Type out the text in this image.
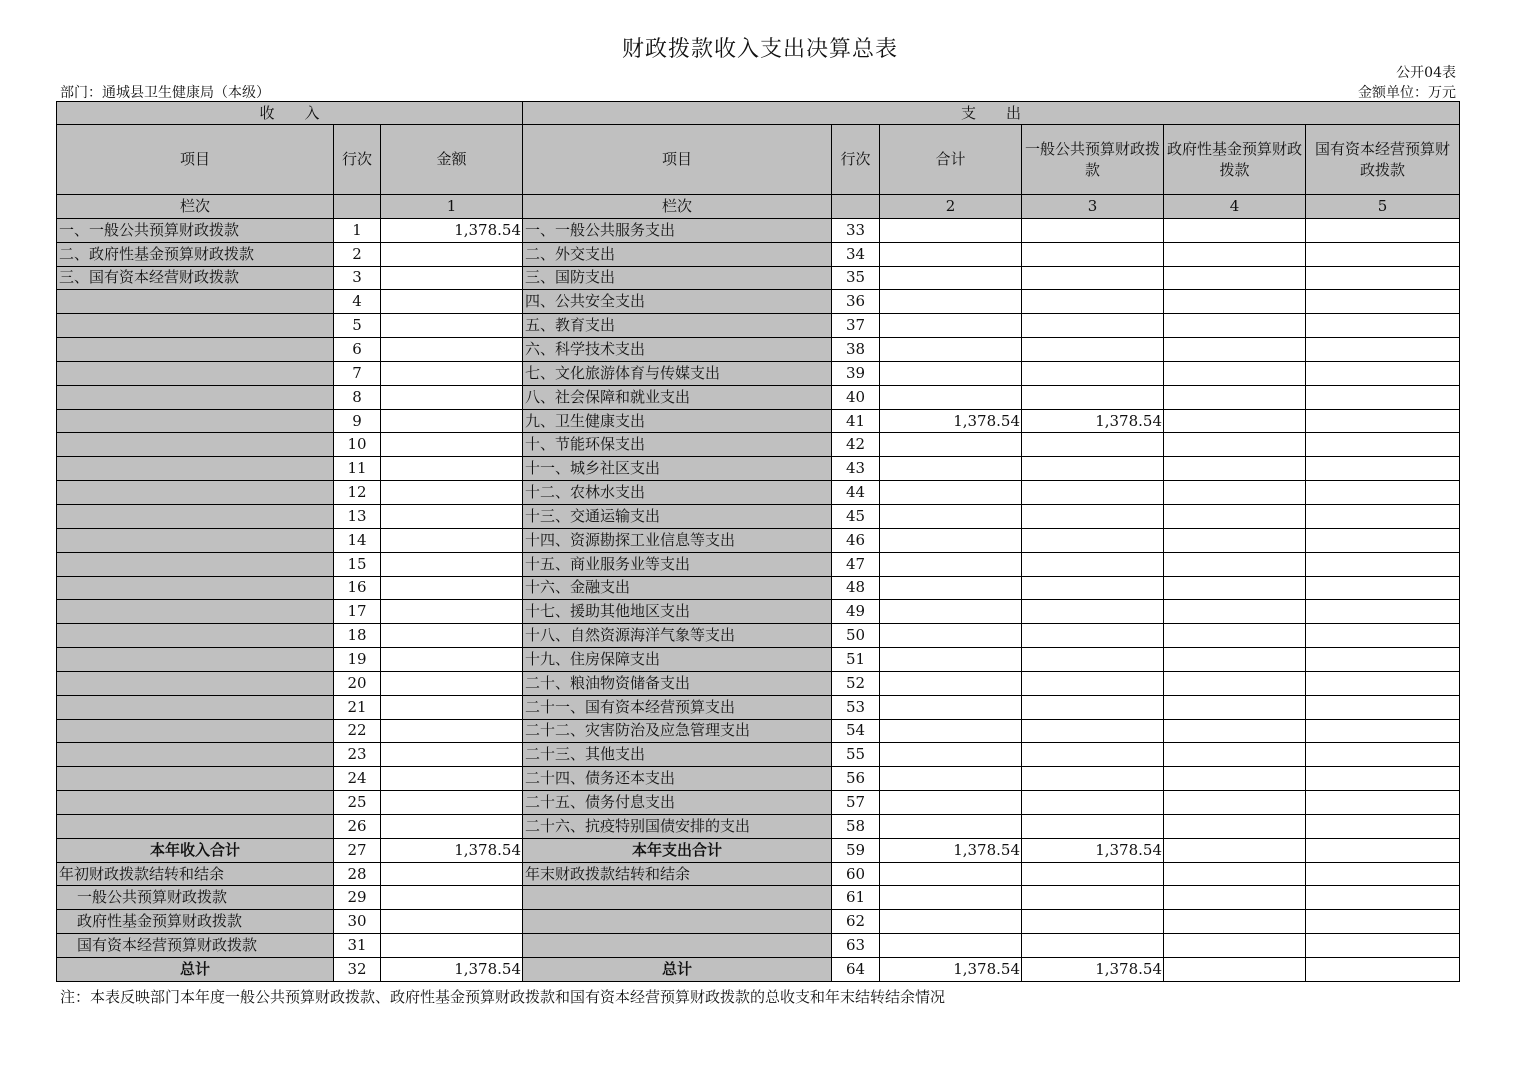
财政拨款收入支出决算总表
公开04表
部门：通城县卫生健康局（本级）	金额单位：万元
收　　入			支　　出					
项目	行次	金额	项目	行次	合计	一般公共预算财政拨款	政府性基金预算财政拨款	国有资本经营预算财政拨款
栏次		1	栏次		2	3	4	5
一、一般公共预算财政拨款	1	1,378.54	一、一般公共服务支出	33				
二、政府性基金预算财政拨款	2		二、外交支出	34				
三、国有资本经营财政拨款	3		三、国防支出	35				
	4		四、公共安全支出	36				
	5		五、教育支出	37				
	6		六、科学技术支出	38				
	7		七、文化旅游体育与传媒支出	39				
	8		八、社会保障和就业支出	40				
	9		九、卫生健康支出	41	1,378.54	1,378.54		
	10		十、节能环保支出	42				
	11		十一、城乡社区支出	43				
	12		十二、农林水支出	44				
	13		十三、交通运输支出	45				
	14		十四、资源勘探工业信息等支出	46				
	15		十五、商业服务业等支出	47				
	16		十六、金融支出	48				
	17		十七、援助其他地区支出	49				
	18		十八、自然资源海洋气象等支出	50				
	19		十九、住房保障支出	51				
	20		二十、粮油物资储备支出	52				
	21		二十一、国有资本经营预算支出	53				
	22		二十二、灾害防治及应急管理支出	54				
	23		二十三、其他支出	55				
	24		二十四、债务还本支出	56				
	25		二十五、债务付息支出	57				
	26		二十六、抗疫特别国债安排的支出	58				
本年收入合计	27	1,378.54	本年支出合计	59	1,378.54	1,378.54		
年初财政拨款结转和结余	28		年末财政拨款结转和结余	60				
一般公共预算财政拨款	29			61				
政府性基金预算财政拨款	30			62				
国有资本经营预算财政拨款	31			63				
总计	32	1,378.54	总计	64	1,378.54	1,378.54		
注：本表反映部门本年度一般公共预算财政拨款、政府性基金预算财政拨款和国有资本经营预算财政拨款的总收支和年末结转结余情况
